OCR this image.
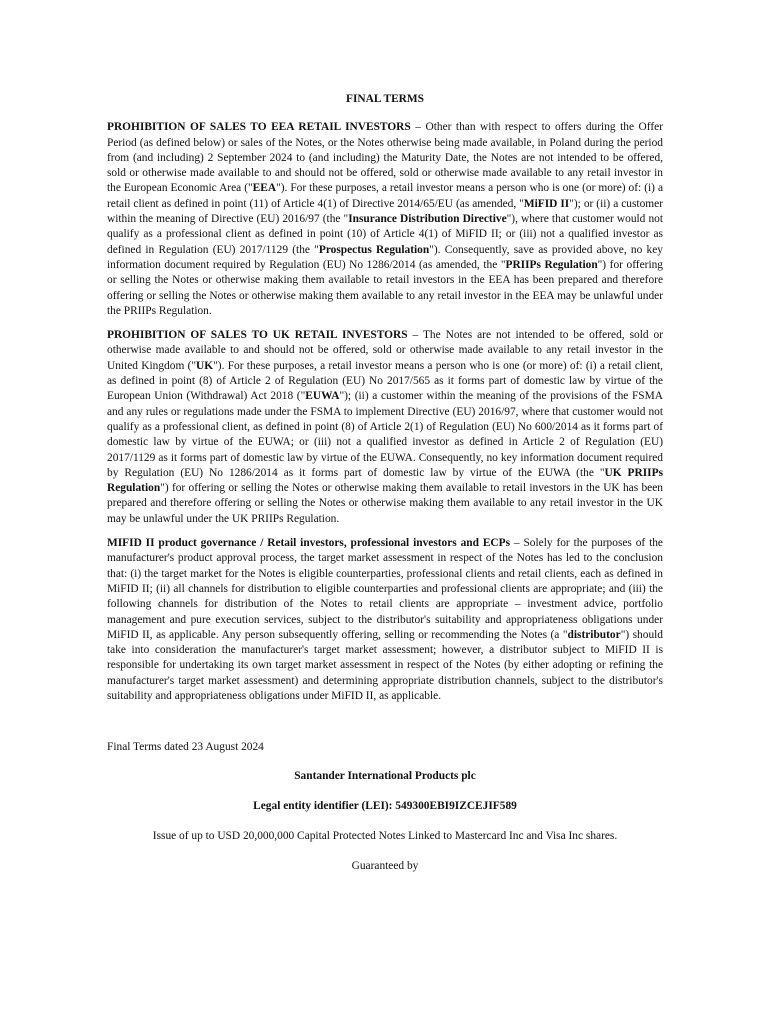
FINAL TERMS

PROHIBITION OF SALES TO EEA RETAIL INVESTORS – Other than with respect to offers during the Offer Period (as defined below) or sales of the Notes, or the Notes otherwise being made available, in Poland during the period from (and including) 2 September 2024 to (and including) the Maturity Date, the Notes are not intended to be offered, sold or otherwise made available to and should not be offered, sold or otherwise made available to any retail investor in the European Economic Area ("EEA"). For these purposes, a retail investor means a person who is one (or more) of: (i) a retail client as defined in point (11) of Article 4(1) of Directive 2014/65/EU (as amended, "MiFID II"); or (ii) a customer within the meaning of Directive (EU) 2016/97 (the "Insurance Distribution Directive"), where that customer would not qualify as a professional client as defined in point (10) of Article 4(1) of MiFID II; or (iii) not a qualified investor as defined in Regulation (EU) 2017/1129 (the "Prospectus Regulation"). Consequently, save as provided above, no key information document required by Regulation (EU) No 1286/2014 (as amended, the "PRIIPs Regulation") for offering or selling the Notes or otherwise making them available to retail investors in the EEA has been prepared and therefore offering or selling the Notes or otherwise making them available to any retail investor in the EEA may be unlawful under the PRIIPs Regulation.

PROHIBITION OF SALES TO UK RETAIL INVESTORS – The Notes are not intended to be offered, sold or otherwise made available to and should not be offered, sold or otherwise made available to any retail investor in the United Kingdom ("UK"). For these purposes, a retail investor means a person who is one (or more) of: (i) a retail client, as defined in point (8) of Article 2 of Regulation (EU) No 2017/565 as it forms part of domestic law by virtue of the European Union (Withdrawal) Act 2018 ("EUWA"); (ii) a customer within the meaning of the provisions of the FSMA and any rules or regulations made under the FSMA to implement Directive (EU) 2016/97, where that customer would not qualify as a professional client, as defined in point (8) of Article 2(1) of Regulation (EU) No 600/2014 as it forms part of domestic law by virtue of the EUWA; or (iii) not a qualified investor as defined in Article 2 of Regulation (EU) 2017/1129 as it forms part of domestic law by virtue of the EUWA. Consequently, no key information document required by Regulation (EU) No 1286/2014 as it forms part of domestic law by virtue of the EUWA (the "UK PRIIPs Regulation") for offering or selling the Notes or otherwise making them available to retail investors in the UK has been prepared and therefore offering or selling the Notes or otherwise making them available to any retail investor in the UK may be unlawful under the UK PRIIPs Regulation.

MIFID II product governance / Retail investors, professional investors and ECPs – Solely for the purposes of the manufacturer's product approval process, the target market assessment in respect of the Notes has led to the conclusion that: (i) the target market for the Notes is eligible counterparties, professional clients and retail clients, each as defined in MiFID II; (ii) all channels for distribution to eligible counterparties and professional clients are appropriate; and (iii) the following channels for distribution of the Notes to retail clients are appropriate – investment advice, portfolio management and pure execution services, subject to the distributor's suitability and appropriateness obligations under MiFID II, as applicable. Any person subsequently offering, selling or recommending the Notes (a "distributor") should take into consideration the manufacturer's target market assessment; however, a distributor subject to MiFID II is responsible for undertaking its own target market assessment in respect of the Notes (by either adopting or refining the manufacturer's target market assessment) and determining appropriate distribution channels, subject to the distributor's suitability and appropriateness obligations under MiFID II, as applicable.

Final Terms dated 23 August 2024
Santander International Products plc
Legal entity identifier (LEI): 549300EBI9IZCEJIF589
Issue of up to USD 20,000,000 Capital Protected Notes Linked to Mastercard Inc and Visa Inc shares.
Guaranteed by
